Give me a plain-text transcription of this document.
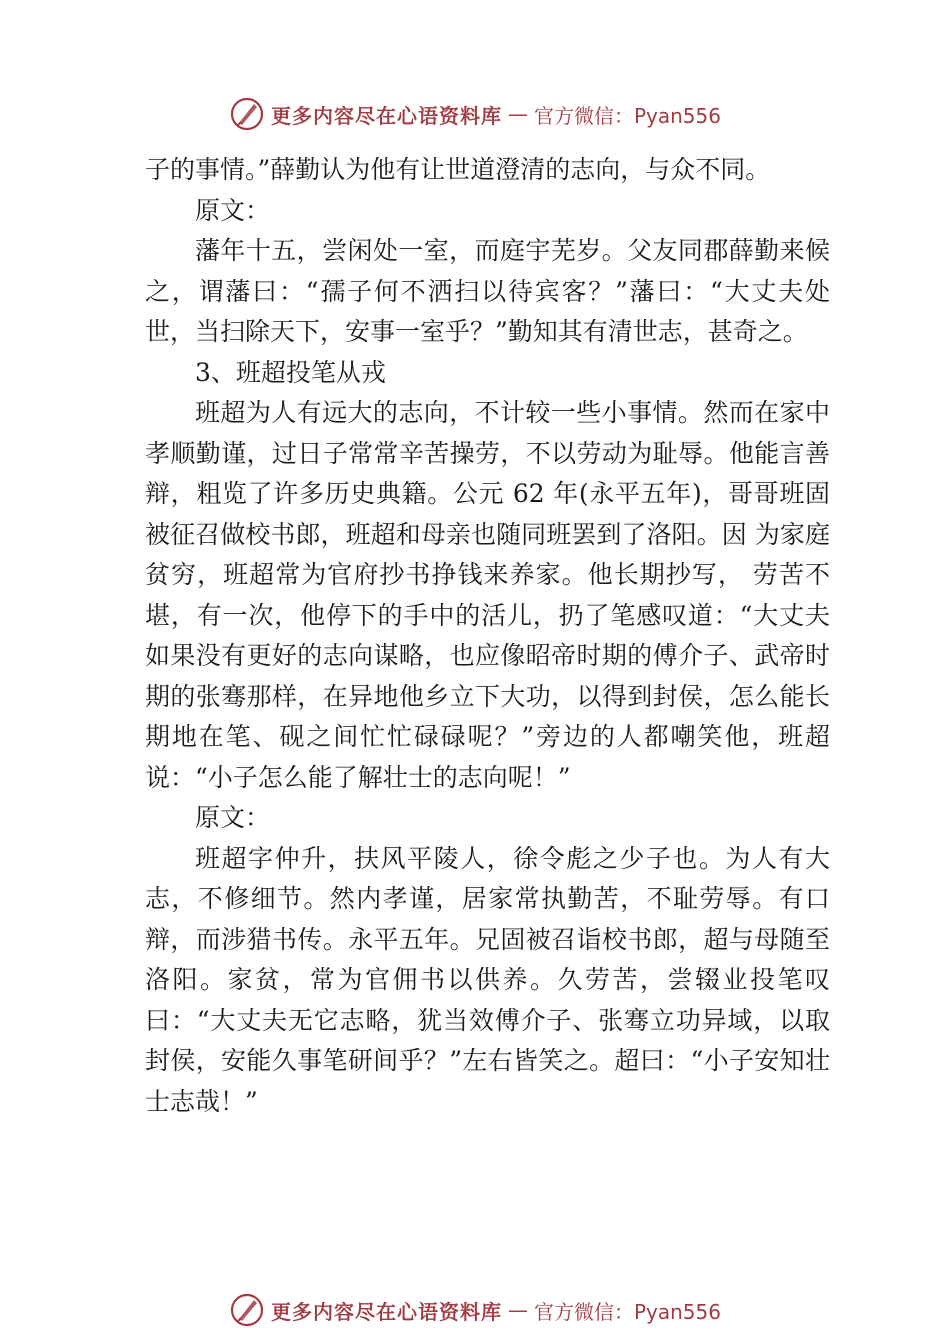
更多内容尽在心语资料库 — 官方微信：Pyan556

子的事情。”薛勤认为他有让世道澄清的志向，与众不同。

原文：

藩年十五，尝闲处一室，而庭宇芜岁。父友同郡薛勤来候之，谓藩曰：“孺子何不洒扫以待宾客？”藩曰：“大丈夫处世，当扫除天下，安事一室乎？”勤知其有清世志，甚奇之。

3、班超投笔从戎

班超为人有远大的志向，不计较一些小事情。然而在家中孝顺勤谨，过日子常常辛苦操劳，不以劳动为耻辱。他能言善辩，粗览了许多历史典籍。公元 62 年(永平五年)，哥哥班固被征召做校书郎，班超和母亲也随同班罢到了洛阳。因 为家庭贫穷，班超常为官府抄书挣钱来养家。他长期抄写， 劳苦不堪，有一次，他停下的手中的活儿，扔了笔感叹道：“大丈夫如果没有更好的志向谋略，也应像昭帝时期的傅介子、武帝时期的张骞那样，在异地他乡立下大功，以得到封侯，怎么能长期地在笔、砚之间忙忙碌碌呢？”旁边的人都嘲笑他，班超说：“小子怎么能了解壮士的志向呢！”

原文：

班超字仲升，扶风平陵人，徐令彪之少子也。为人有大志，不修细节。然内孝谨，居家常执勤苦，不耻劳辱。有口辩，而涉猎书传。永平五年。兄固被召诣校书郎，超与母随至洛阳。家贫，常为官佣书以供养。久劳苦，尝辍业投笔叹曰：“大丈夫无它志略，犹当效傅介子、张骞立功异域，以取封侯，安能久事笔研间乎？”左右皆笑之。超曰：“小子安知壮士志哉！”

更多内容尽在心语资料库 — 官方微信：Pyan556
